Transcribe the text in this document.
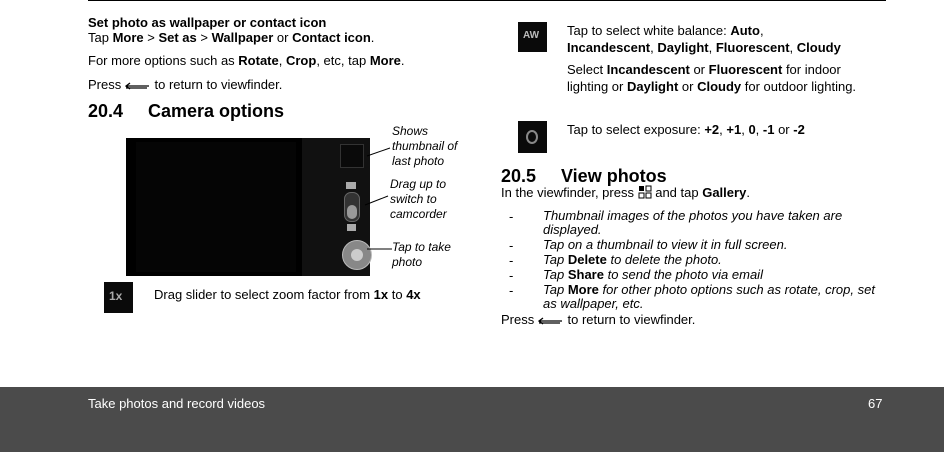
Set photo as wallpaper or contact icon
Tap More > Set as > Wallpaper or Contact icon.
For more options such as Rotate, Crop, etc, tap More.
Press	to return to viewfinder.
20.4 Camera options
Shows thumbnail of last photo
Drag up to switch to camcorder
Tap to take photo
1x Drag slider to select zoom factor from 1x to 4x
AW Tap to select white balance: Auto,
Incandescent, Daylight, Fluorescent, Cloudy
Select Incandescent or Fluorescent for indoor lighting or Daylight or Cloudy for outdoor lighting.
Tap to select exposure: +2, +1, 0, -1 or -2
20.5 View photos
In the viewfinder, press and tap Gallery.
- Thumbnail images of the photos you have taken are displayed.
- Tap on a thumbnail to view it in full screen.
- Tap Delete to delete the photo.
- Tap Share to send the photo via email
- Tap More for other photo options such as rotate, crop, set as wallpaper, etc.
Press	to return to viewfinder.
Take photos and record videos	67
